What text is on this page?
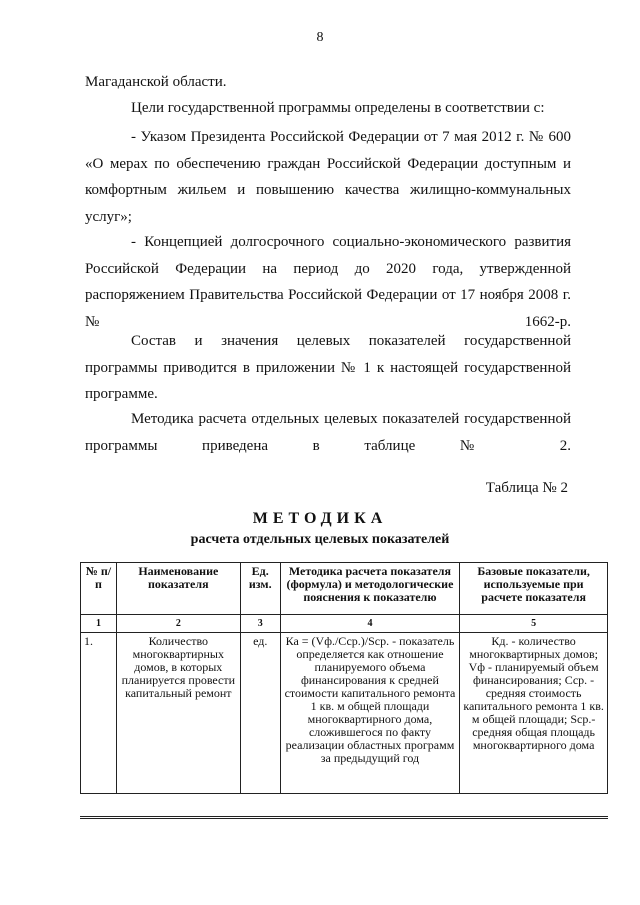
8

Магаданской области.

Цели государственной программы определены в соответствии с:

- Указом Президента Российской Федерации от 7 мая 2012 г. № 600 «О мерах по обеспечению граждан Российской Федерации доступным и комфортным жильем и повышению качества жилищно-коммунальных услуг»;

- Концепцией долгосрочного социально-экономического развития Российской Федерации на период до 2020 года, утвержденной распоряжением Правительства Российской Федерации от 17 ноября 2008 г. № 1662-р.

Состав и значения целевых показателей государственной программы приводится в приложении № 1 к настоящей государственной программе.

Методика расчета отдельных целевых показателей государственной программы приведена в таблице № 2.

Таблица № 2
МЕТОДИКА
расчета отдельных целевых показателей
№ п/п	Наименование показателя	Ед. изм.	Методика расчета показателя (формула) и методологические пояснения к показателю	Базовые показатели, используемые при расчете показателя
1	2	3	4	5
1.	Количество многоквартирных домов, в которых планируется провести капитальный ремонт	ед.	Ка = (Vф./Сср.)/Sср. - показатель определяется как отношение планируемого объема финансирования к средней стоимости капитального ремонта 1 кв. м общей площади многоквартирного дома, сложившегося по факту реализации областных программ за предыдущий год	Кд. - количество многоквартирных домов; Vф - планируемый объем финансирования; Сср. - средняя стоимость капитального ремонта 1 кв. м общей площади; Sср.- средняя общая площадь многоквартирного дома
